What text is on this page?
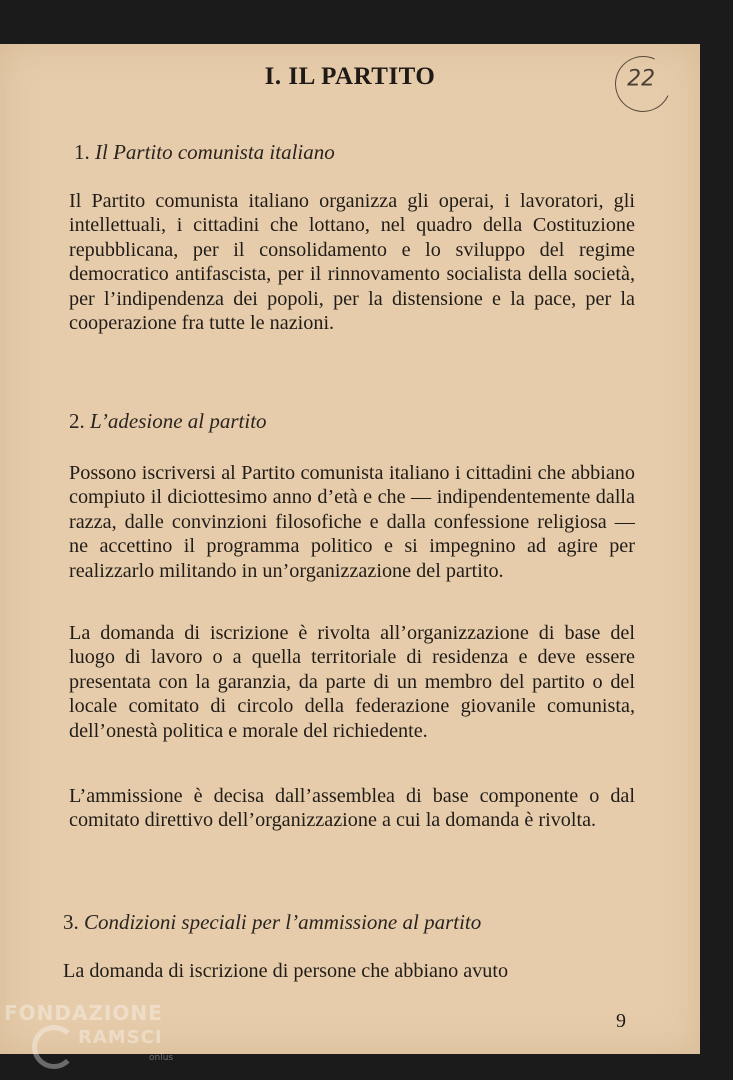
22
I. IL PARTITO
1. Il Partito comunista italiano
Il Partito comunista italiano organizza gli operai, i lavoratori, gli intellettuali, i cittadini che lottano, nel quadro della Costituzione repubblicana, per il consolidamento e lo sviluppo del regime democratico antifascista, per il rinnovamento socialista della società, per l’indipendenza dei popoli, per la distensione e la pace, per la cooperazione fra tutte le nazioni.
2. L’adesione al partito
Possono iscriversi al Partito comunista italiano i cittadini che abbiano compiuto il diciottesimo anno d’età e che — indipendentemente dalla razza, dalle convinzioni filosofiche e dalla confessione religiosa — ne accettino il programma politico e si impegnino ad agire per realizzarlo militando in un’organizzazione del partito.
La domanda di iscrizione è rivolta all’organizzazione di base del luogo di lavoro o a quella territoriale di residenza e deve essere presentata con la garanzia, da parte di un membro del partito o del locale comitato di circolo della federazione giovanile comunista, dell’onestà politica e morale del richiedente.
L’ammissione è decisa dall’assemblea di base componente o dal comitato direttivo dell’organizzazione a cui la domanda è rivolta.
3. Condizioni speciali per l’ammissione al partito
La domanda di iscrizione di persone che abbiano avuto
9
FONDAZIONE
RAMSCI
onlus
